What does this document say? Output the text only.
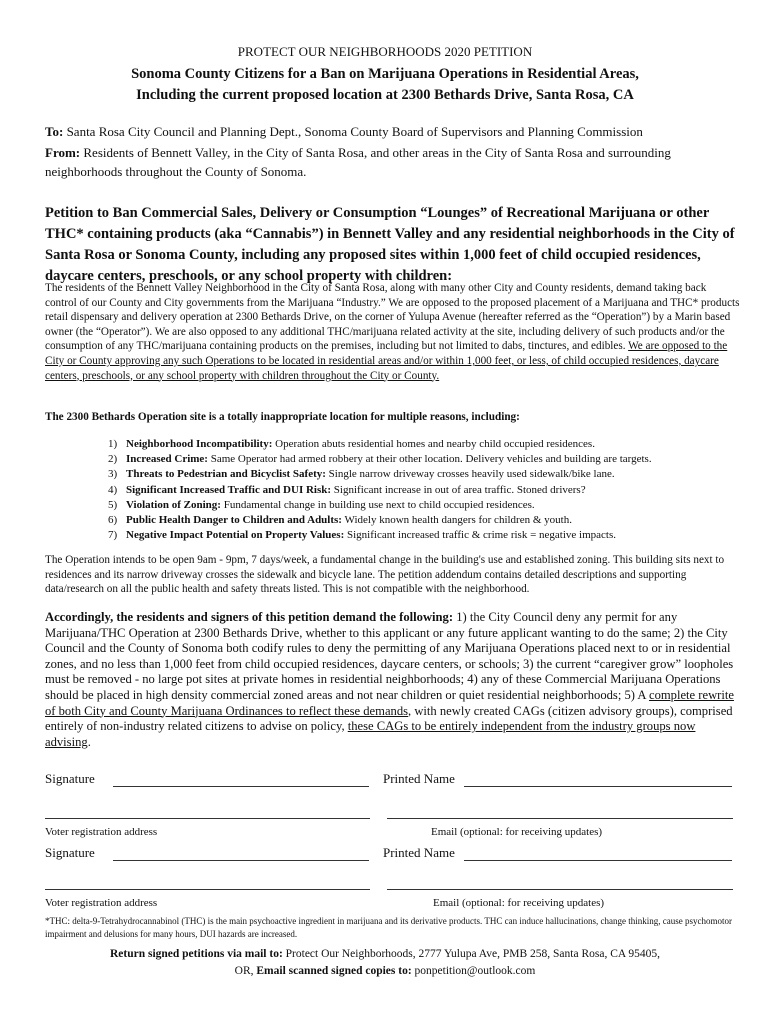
PROTECT OUR NEIGHBORHOODS 2020 PETITION
Sonoma County Citizens for a Ban on Marijuana Operations in Residential Areas,
Including the current proposed location at 2300 Bethards Drive, Santa Rosa, CA
To: Santa Rosa City Council and Planning Dept., Sonoma County Board of Supervisors and Planning Commission
From: Residents of Bennett Valley, in the City of Santa Rosa, and other areas in the City of Santa Rosa and surrounding neighborhoods throughout the County of Sonoma.
Petition to Ban Commercial Sales, Delivery or Consumption “Lounges” of Recreational Marijuana or other THC* containing products (aka “Cannabis”) in Bennett Valley and any residential neighborhoods in the City of Santa Rosa or Sonoma County, including any proposed sites within 1,000 feet of child occupied residences, daycare centers, preschools, or any school property with children:
The residents of the Bennett Valley Neighborhood in the City of Santa Rosa, along with many other City and County residents, demand taking back control of our County and City governments from the Marijuana “Industry.” We are opposed to the proposed placement of a Marijuana and THC* products retail dispensary and delivery operation at 2300 Bethards Drive, on the corner of Yulupa Avenue (hereafter referred as the “Operation”) by a Marin based owner (the “Operator”). We are also opposed to any additional THC/marijuana related activity at the site, including delivery of such products and/or the consumption of any THC/marijuana containing products on the premises, including but not limited to dabs, tinctures, and edibles. We are opposed to the City or County approving any such Operations to be located in residential areas and/or within 1,000 feet, or less, of child occupied residences, daycare centers, preschools, or any school property with children throughout the City or County.
The 2300 Bethards Operation site is a totally inappropriate location for multiple reasons, including:
1) Neighborhood Incompatibility: Operation abuts residential homes and nearby child occupied residences.
2) Increased Crime: Same Operator had armed robbery at their other location. Delivery vehicles and building are targets.
3) Threats to Pedestrian and Bicyclist Safety: Single narrow driveway crosses heavily used sidewalk/bike lane.
4) Significant Increased Traffic and DUI Risk: Significant increase in out of area traffic. Stoned drivers?
5) Violation of Zoning: Fundamental change in building use next to child occupied residences.
6) Public Health Danger to Children and Adults: Widely known health dangers for children & youth.
7) Negative Impact Potential on Property Values: Significant increased traffic & crime risk = negative impacts.
The Operation intends to be open 9am - 9pm, 7 days/week, a fundamental change in the building's use and established zoning. This building sits next to residences and its narrow driveway crosses the sidewalk and bicycle lane. The petition addendum contains detailed descriptions and supporting data/research on all the public health and safety threats listed. This is not compatible with the neighborhood.
Accordingly, the residents and signers of this petition demand the following: 1) the City Council deny any permit for any Marijuana/THC Operation at 2300 Bethards Drive, whether to this applicant or any future applicant wanting to do the same; 2) the City Council and the County of Sonoma both codify rules to deny the permitting of any Marijuana Operations placed next to or in residential zones, and no less than 1,000 feet from child occupied residences, daycare centers, or schools; 3) the current “caregiver grow” loopholes must be removed - no large pot sites at private homes in residential neighborhoods; 4) any of these Commercial Marijuana Operations should be placed in high density commercial zoned areas and not near children or quiet residential neighborhoods; 5) A complete rewrite of both City and County Marijuana Ordinances to reflect these demands, with newly created CAGs (citizen advisory groups), comprised entirely of non-industry related citizens to advise on policy, these CAGs to be entirely independent from the industry groups now advising.
Signature	Printed Name
Voter registration address	Email (optional: for receiving updates)
Signature	Printed Name
Voter registration address	Email (optional: for receiving updates)
*THC: delta-9-Tetrahydrocannabinol (THC) is the main psychoactive ingredient in marijuana and its derivative products. THC can induce hallucinations, change thinking, cause psychomotor impairment and delusions for many hours, DUI hazards are increased.
Return signed petitions via mail to: Protect Our Neighborhoods, 2777 Yulupa Ave, PMB 258, Santa Rosa, CA 95405,
OR, Email scanned signed copies to: ponpetition@outlook.com
